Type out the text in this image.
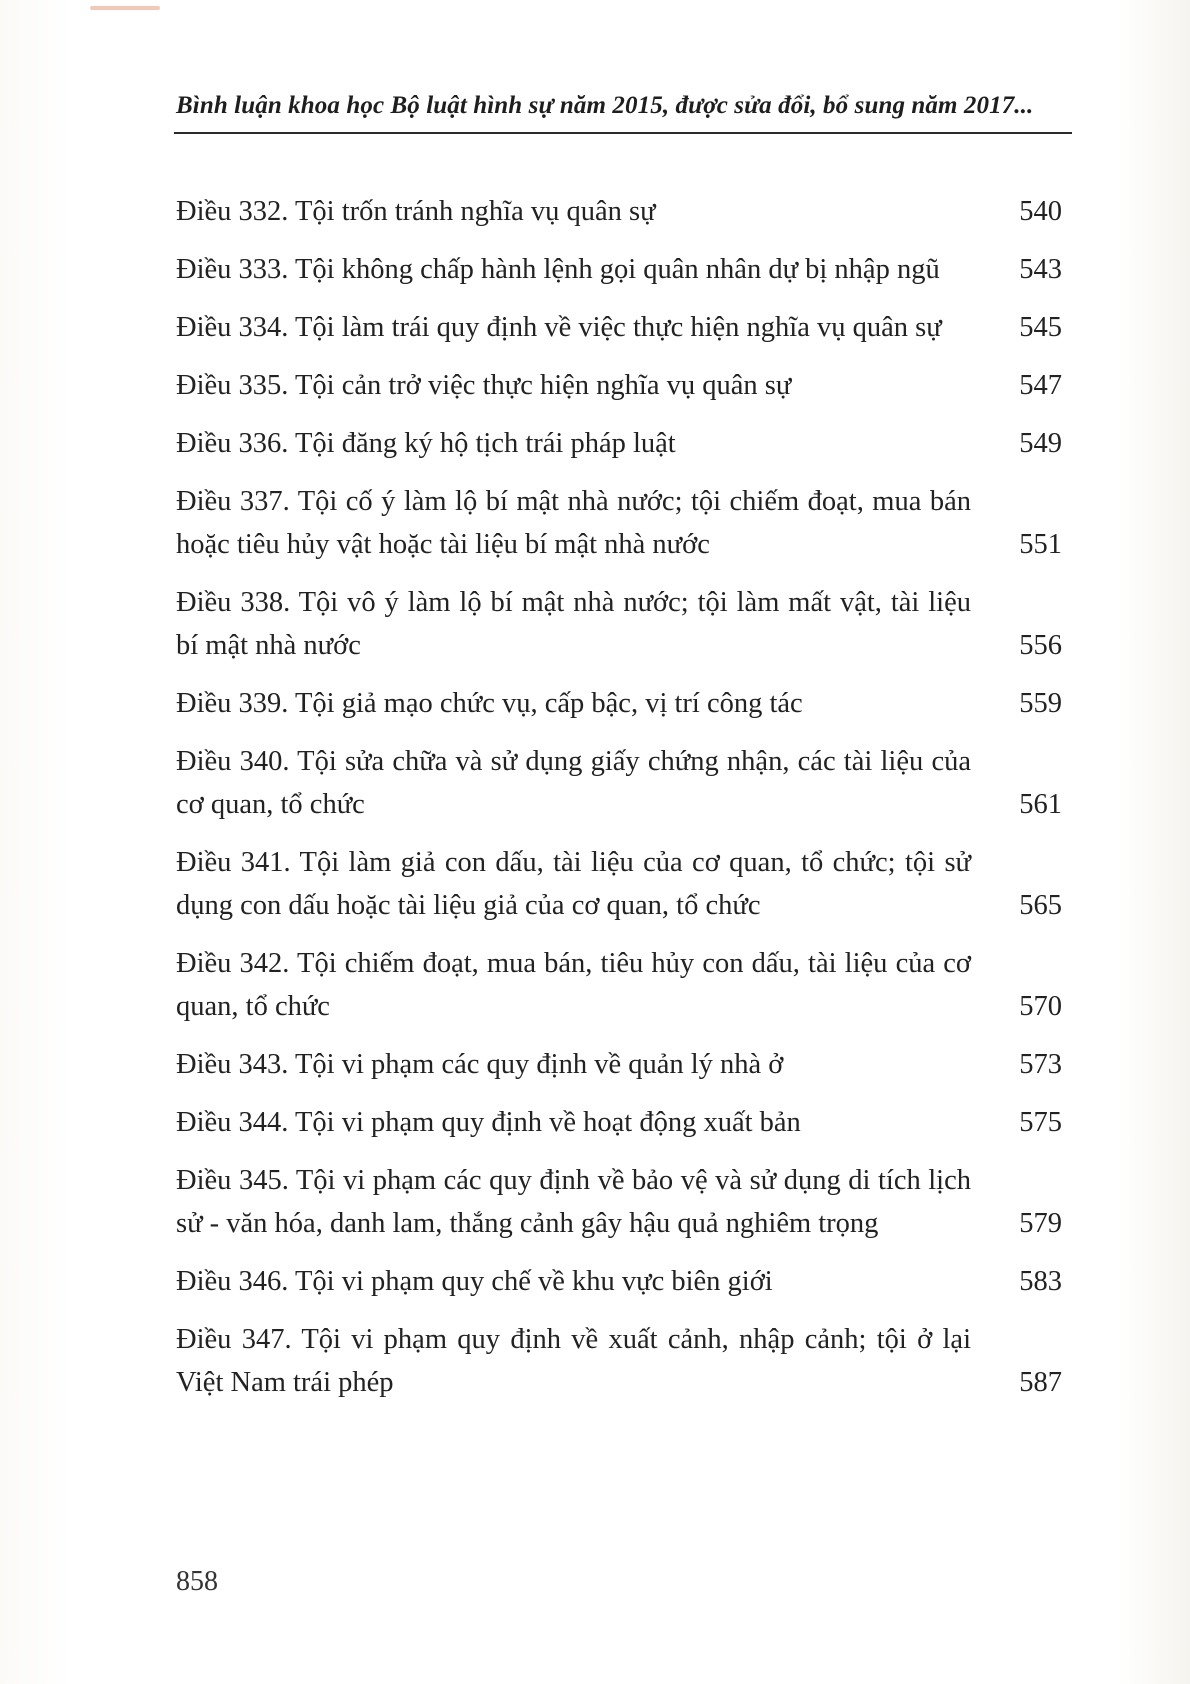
Bình luận khoa học Bộ luật hình sự năm 2015, được sửa đổi, bổ sung năm 2017...
Điều 332. Tội trốn tránh nghĩa vụ quân sự	540
Điều 333. Tội không chấp hành lệnh gọi quân nhân dự bị nhập ngũ	543
Điều 334. Tội làm trái quy định về việc thực hiện nghĩa vụ quân sự	545
Điều 335. Tội cản trở việc thực hiện nghĩa vụ quân sự	547
Điều 336. Tội đăng ký hộ tịch trái pháp luật	549
Điều 337. Tội cố ý làm lộ bí mật nhà nước; tội chiếm đoạt, mua bán hoặc tiêu hủy vật hoặc tài liệu bí mật nhà nước	551
Điều 338. Tội vô ý làm lộ bí mật nhà nước; tội làm mất vật, tài liệu bí mật nhà nước	556
Điều 339. Tội giả mạo chức vụ, cấp bậc, vị trí công tác	559
Điều 340. Tội sửa chữa và sử dụng giấy chứng nhận, các tài liệu của cơ quan, tổ chức	561
Điều 341. Tội làm giả con dấu, tài liệu của cơ quan, tổ chức; tội sử dụng con dấu hoặc tài liệu giả của cơ quan, tổ chức	565
Điều 342. Tội chiếm đoạt, mua bán, tiêu hủy con dấu, tài liệu của cơ quan, tổ chức	570
Điều 343. Tội vi phạm các quy định về quản lý nhà ở	573
Điều 344. Tội vi phạm quy định về hoạt động xuất bản	575
Điều 345. Tội vi phạm các quy định về bảo vệ và sử dụng di tích lịch sử - văn hóa, danh lam, thắng cảnh gây hậu quả nghiêm trọng	579
Điều 346. Tội vi phạm quy chế về khu vực biên giới	583
Điều 347. Tội vi phạm quy định về xuất cảnh, nhập cảnh; tội ở lại Việt Nam trái phép	587
858
